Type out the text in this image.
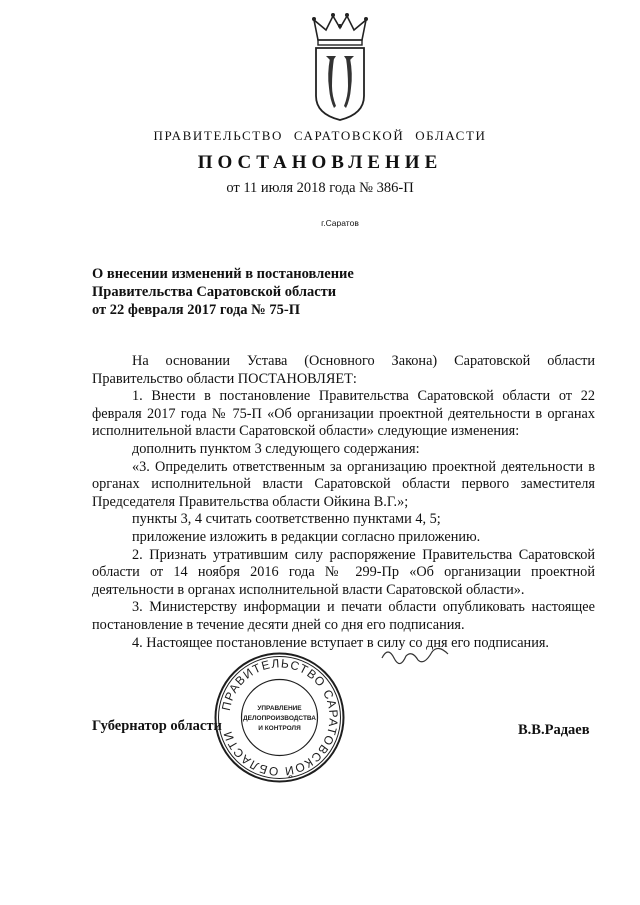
ПРАВИТЕЛЬСТВО САРАТОВСКОЙ ОБЛАСТИ
ПОСТАНОВЛЕНИЕ
от 11 июля 2018 года № 386-П
г.Саратов
О внесении изменений в постановление
Правительства Саратовской области
от 22 февраля 2017 года № 75-П

На основании Устава (Основного Закона) Саратовской области Правительство области ПОСТАНОВЛЯЕТ:

1. Внести в постановление Правительства Саратовской области от 22 февраля 2017 года № 75-П «Об организации проектной деятельности в органах исполнительной власти Саратовской области» следующие изменения:

дополнить пунктом 3 следующего содержания:

«3. Определить ответственным за организацию проектной деятельности в органах исполнительной власти Саратовской области первого заместителя Председателя Правительства области Ойкина В.Г.»;

пункты 3, 4 считать соответственно пунктами 4, 5;

приложение изложить в редакции согласно приложению.

2. Признать утратившим силу распоряжение Правительства Саратовской области от 14 ноября 2016 года № 299-Пр «Об организации проектной деятельности в органах исполнительной власти Саратовской области».

3. Министерству информации и печати области опубликовать настоящее постановление в течение десяти дней со дня его подписания.

4. Настоящее постановление вступает в силу со дня его подписания.

Губернатор области	В.В.Радаев
ПРАВИТЕЛЬСТВО САРАТОВСКОЙ ОБЛАСТИ
УПРАВЛЕНИЕ
ДЕЛОПРОИЗВОДСТВА
И КОНТРОЛЯ
